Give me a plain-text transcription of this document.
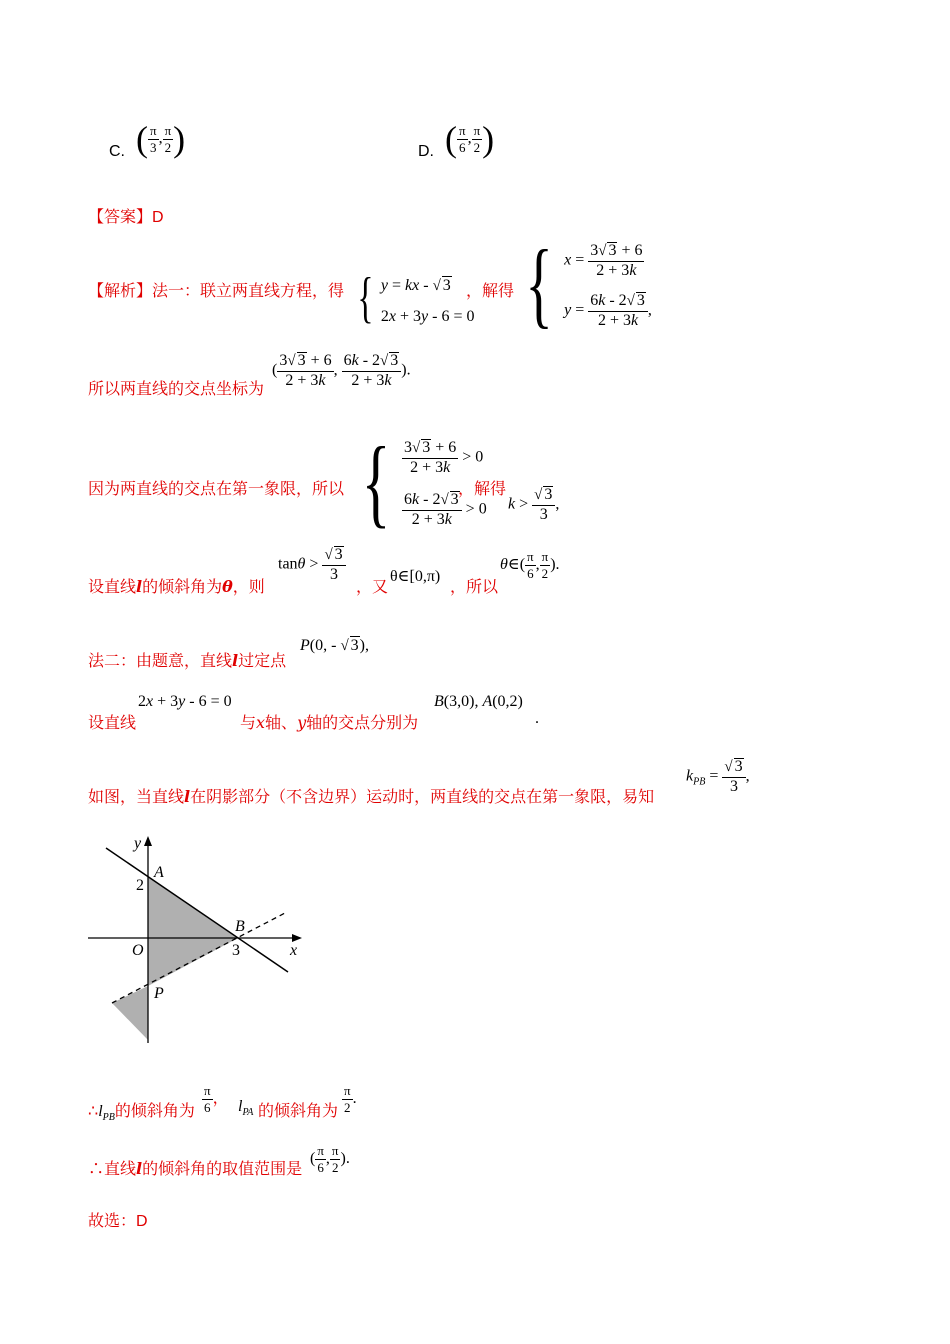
C. ( $\frac{\pi}{3}$ , $\frac{\pi}{2}$ )	D. ( $\frac{\pi}{6}$ , $\frac{\pi}{2}$ )
【答案】D
【解析】法一：联立两直线方程，得 { y = kx - √ 3
2x + 3y - 6 = 0
，解得 { $x = \frac{3√ 3 + 6}{2 + 3k}$
$y = \frac{6k - 2√ 3}{2 + 3k}$ ,
所以两直线的交点坐标为
( $\frac{3√ 3 + 6}{2 + 3k}$ , $\frac{6k - 2√ 3}{2 + 3k}$ ).
因为两直线的交点在第一象限，所以 { $\frac{3√ 3 + 6}{2 + 3k} > 0$
$\frac{6k - 2√ 3}{2 + 3k} > 0$
，解得
$k > \frac{√ 3}{3}$ ,
设直线l的倾斜角为θ，则
$\tan\theta > \frac{√ 3}{3}$
，又
θ∈[0,π)
，所以
θ∈( $\frac{\pi}{6}$ , $\frac{\pi}{2}$ ).
法二：由题意，直线l过定点
P(0, - √ 3),
设直线
2x + 3y - 6 = 0
与x轴、y轴的交点分别为
B(3,0), A(0,2)
.
如图，当直线l在阴影部分（不含边界）运动时，两直线的交点在第一象限，易知
$k_{PB} = \frac{√ 3}{3}$ ,
y
x
A
B
O
P
2
3
$\therefore l_{PB}$的倾斜角为 $\frac{\pi}{6}$ ， $l_{PA}$ 的倾斜角为 $\frac{\pi}{2}$ .
∴直线l的倾斜角的取值范围是
( $\frac{\pi}{6}$ , $\frac{\pi}{2}$ ).
故选：D
